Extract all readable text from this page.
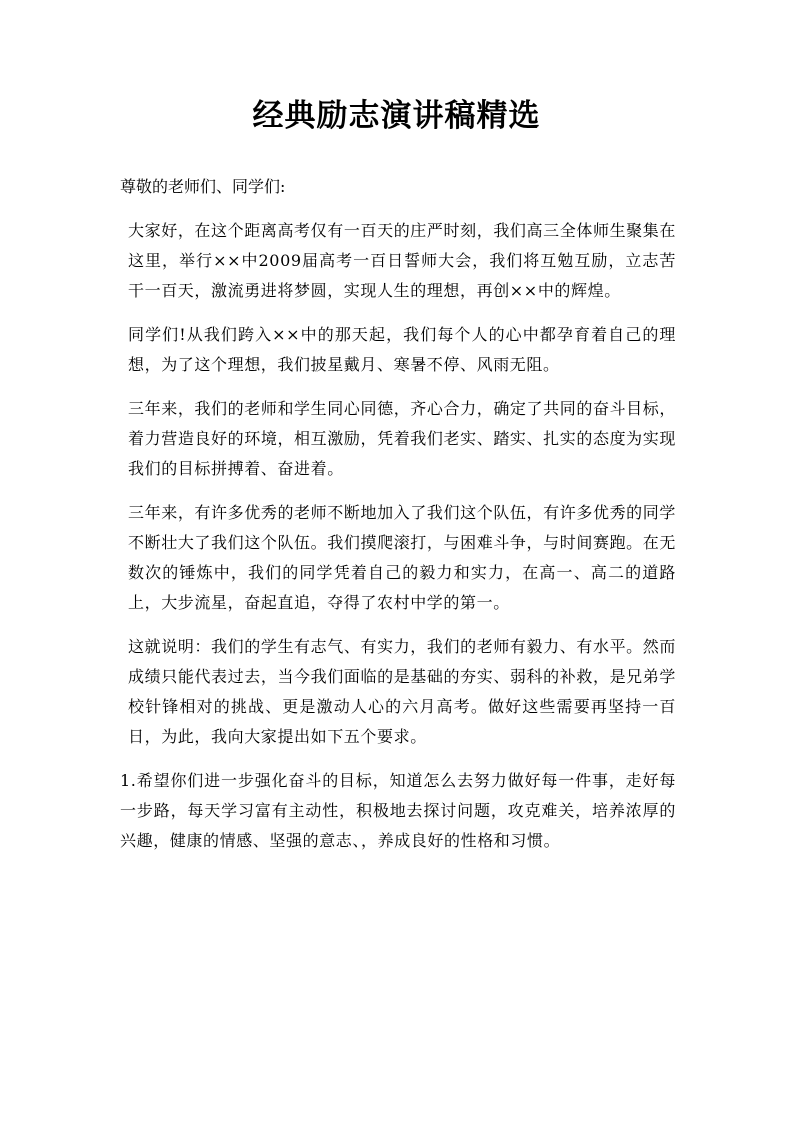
经典励志演讲稿精选

尊敬的老师们、同学们:

大家好，在这个距离高考仅有一百天的庄严时刻，我们高三全体师生聚集在这里，举行××中2009届高考一百日誓师大会，我们将互勉互励，立志苦干一百天，激流勇进将梦圆，实现人生的理想，再创××中的辉煌。

同学们!从我们跨入××中的那天起，我们每个人的心中都孕育着自己的理想，为了这个理想，我们披星戴月、寒暑不停、风雨无阻。

三年来，我们的老师和学生同心同德，齐心合力，确定了共同的奋斗目标，着力营造良好的环境，相互激励，凭着我们老实、踏实、扎实的态度为实现我们的目标拼搏着、奋进着。

三年来，有许多优秀的老师不断地加入了我们这个队伍，有许多优秀的同学不断壮大了我们这个队伍。我们摸爬滚打，与困难斗争，与时间赛跑。在无数次的锤炼中，我们的同学凭着自己的毅力和实力，在高一、高二的道路上，大步流星，奋起直追，夺得了农村中学的第一。

这就说明：我们的学生有志气、有实力，我们的老师有毅力、有水平。然而成绩只能代表过去，当今我们面临的是基础的夯实、弱科的补救，是兄弟学校针锋相对的挑战、更是激动人心的六月高考。做好这些需要再坚持一百日，为此，我向大家提出如下五个要求。

1.希望你们进一步强化奋斗的目标，知道怎么去努力做好每一件事，走好每一步路，每天学习富有主动性，积极地去探讨问题，攻克难关，培养浓厚的兴趣，健康的情感、坚强的意志、，养成良好的性格和习惯。
